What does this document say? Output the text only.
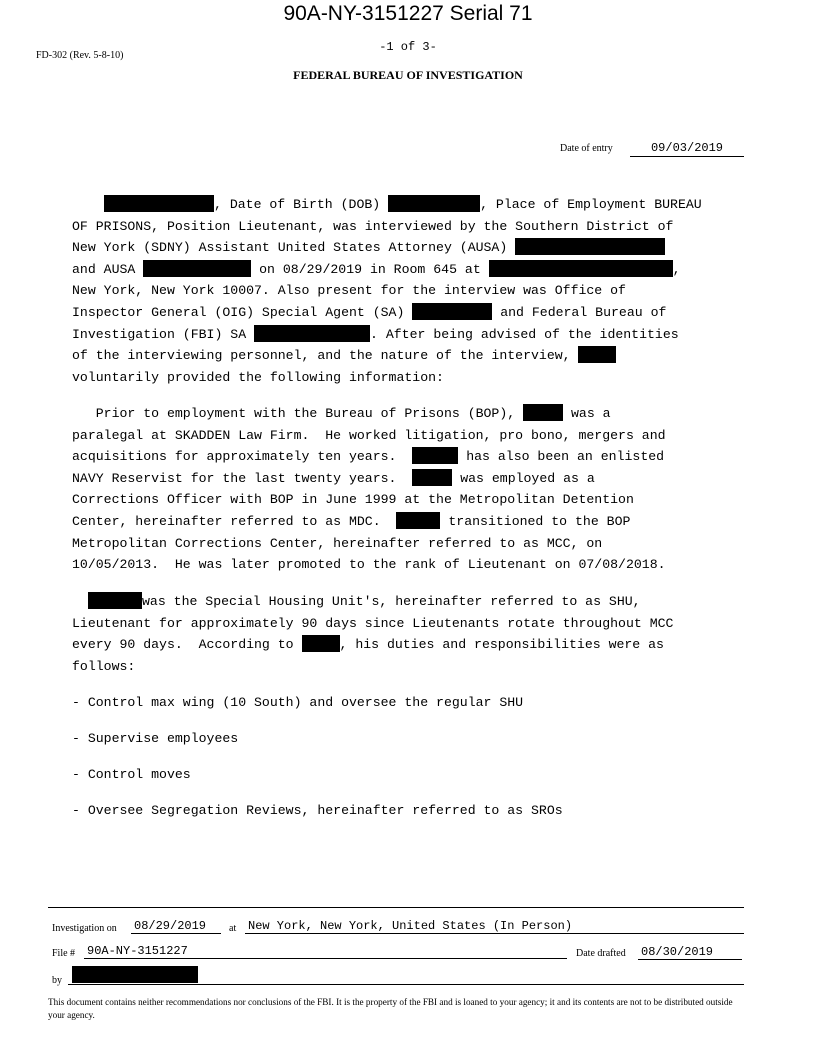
90A-NY-3151227 Serial 71
FD-302 (Rev. 5-8-10)
-1 of 3-
FEDERAL BUREAU OF INVESTIGATION
Date of entry	09/03/2019
, Date of Birth (DOB)	, Place of Employment BUREAU
OF PRISONS, Position Lieutenant, was interviewed by the Southern District of
New York (SDNY) Assistant United States Attorney (AUSA)
and AUSA	on 08/29/2019 in Room 645 at	,
New York, New York 10007. Also present for the interview was Office of
Inspector General (OIG) Special Agent (SA)	and Federal Bureau of
Investigation (FBI) SA	. After being advised of the identities
of the interviewing personnel, and the nature of the interview,
voluntarily provided the following information:
Prior to employment with the Bureau of Prisons (BOP),	was a
paralegal at SKADDEN Law Firm.  He worked litigation, pro bono, mergers and
acquisitions for approximately ten years.	has also been an enlisted
NAVY Reservist for the last twenty years.	was employed as a
Corrections Officer with BOP in June 1999 at the Metropolitan Detention
Center, hereinafter referred to as MDC.	transitioned to the BOP
Metropolitan Corrections Center, hereinafter referred to as MCC, on
10/05/2013.  He was later promoted to the rank of Lieutenant on 07/08/2018.
was the Special Housing Unit's, hereinafter referred to as SHU,
Lieutenant for approximately 90 days since Lieutenants rotate throughout MCC
every 90 days.  According to	, his duties and responsibilities were as
follows:
- Control max wing (10 South) and oversee the regular SHU
- Supervise employees
- Control moves
- Oversee Segregation Reviews, hereinafter referred to as SROs
Investigation on 08/29/2019	at New York, New York, United States (In Person)
File # 90A-NY-3151227	Date drafted 08/30/2019
by
This document contains neither recommendations nor conclusions of the FBI. It is the property of the FBI and is loaned to your agency; it and its contents are not to be distributed outside your agency.
